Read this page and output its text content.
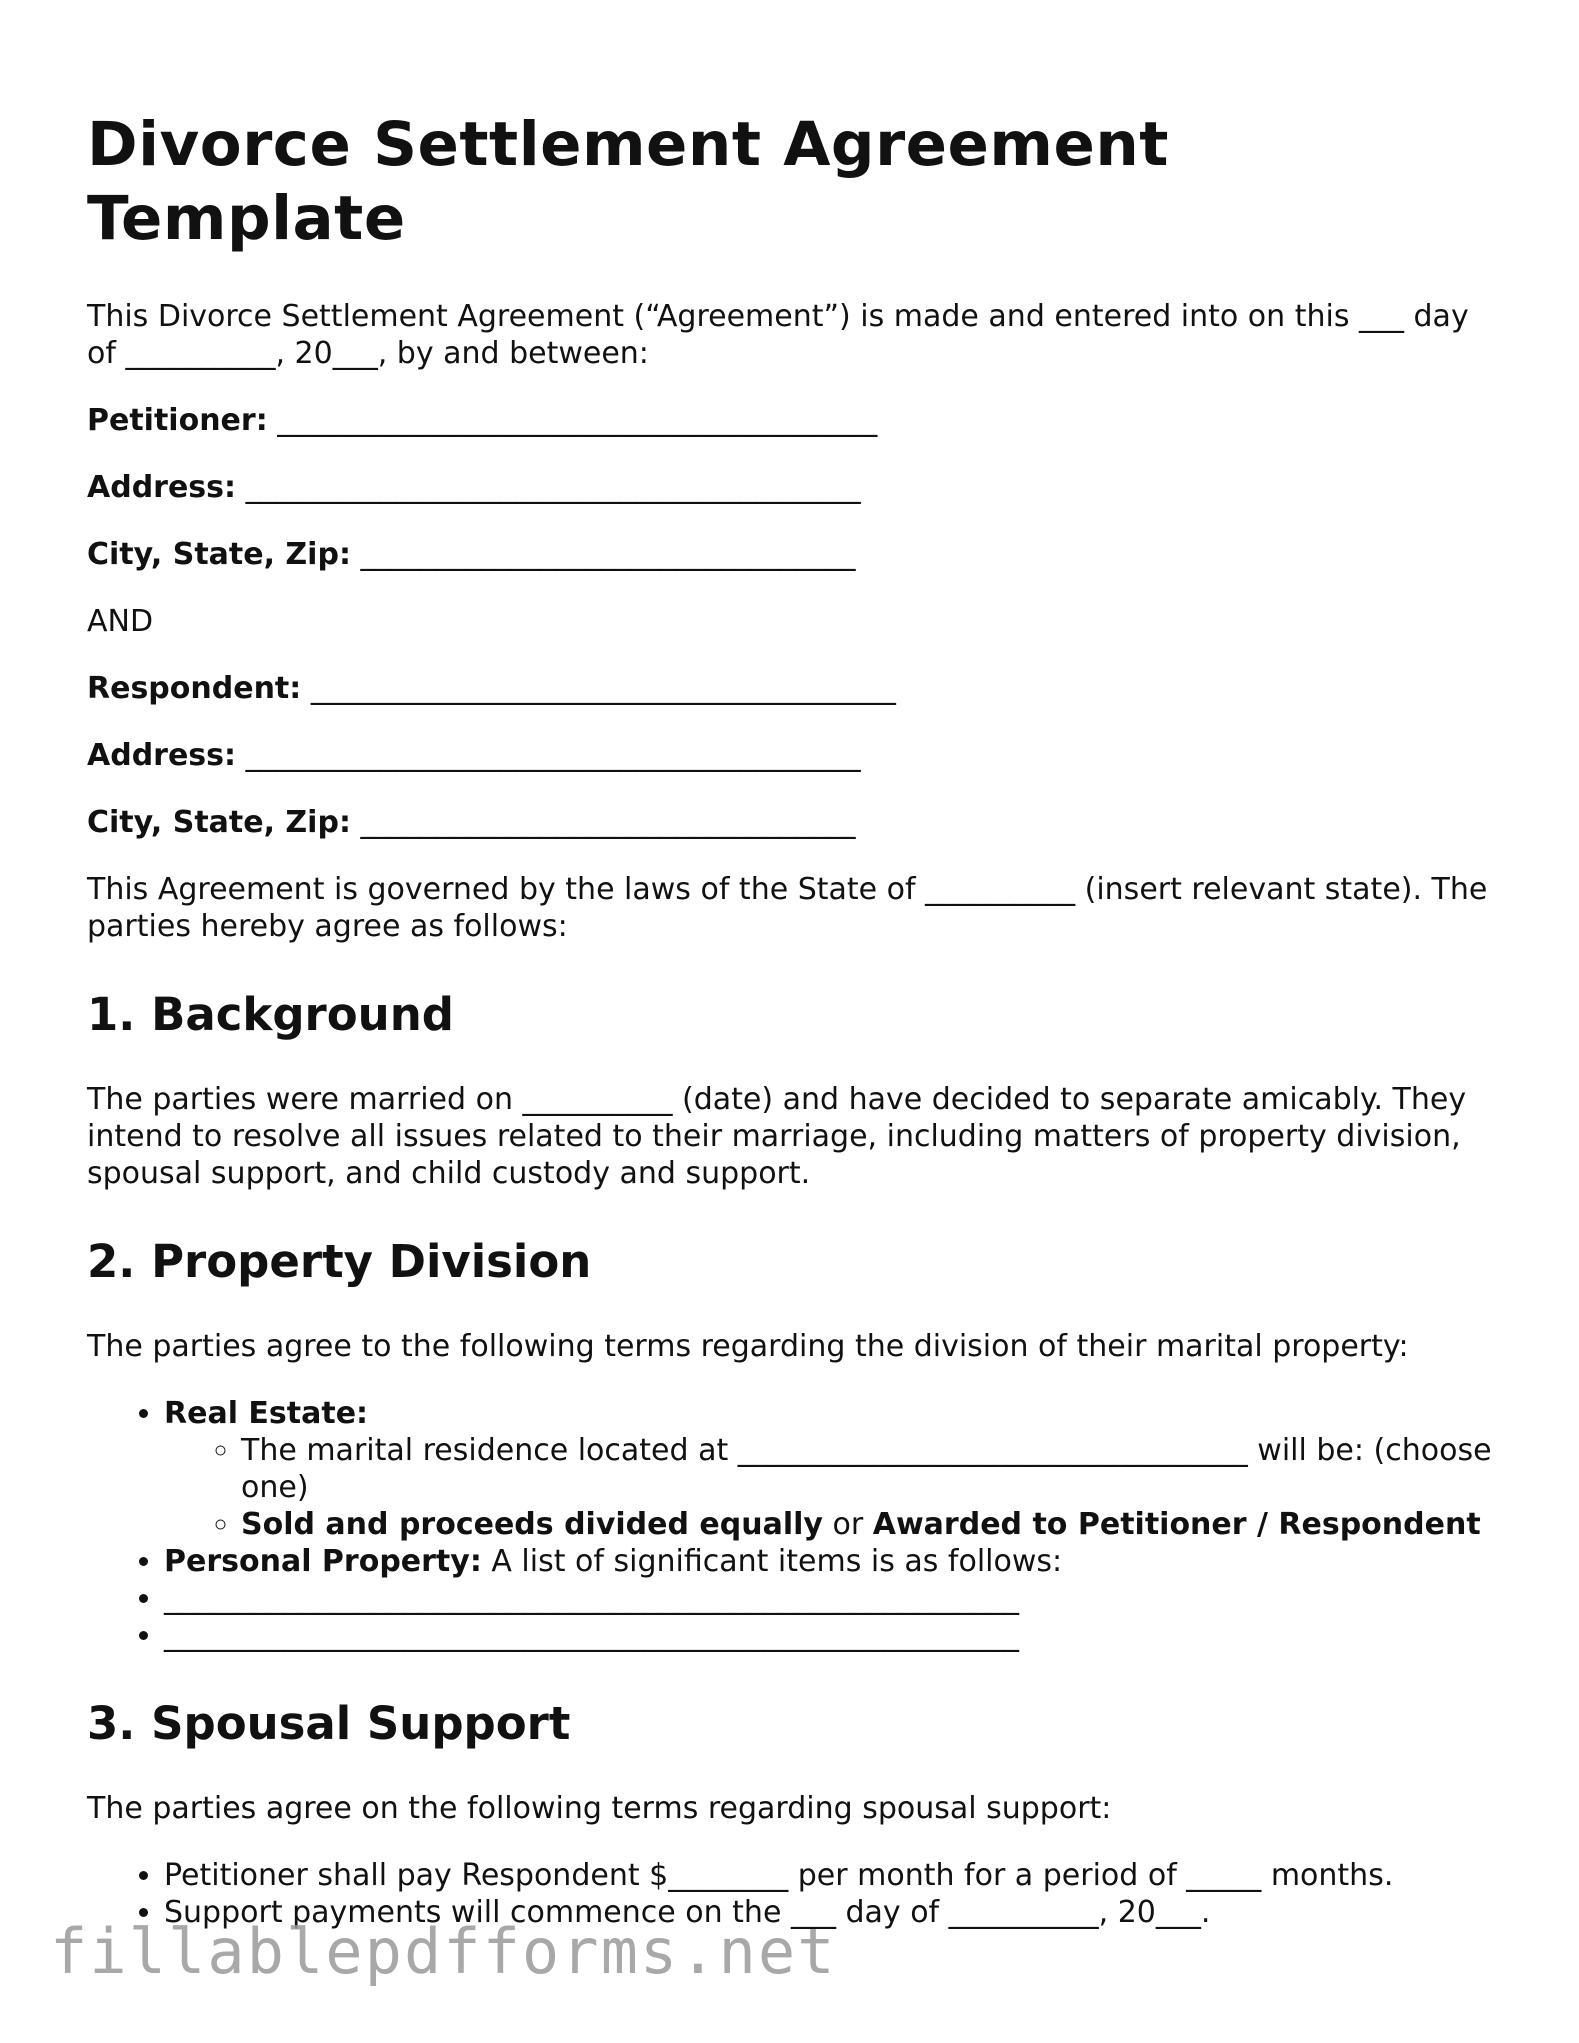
Divorce Settlement Agreement Template

This Divorce Settlement Agreement (“Agreement”) is made and entered into on this ___ day of __________, 20___, by and between:

Petitioner: ________________________________________

Address: _________________________________________

City, State, Zip: _________________________________

AND

Respondent: _______________________________________

Address: _________________________________________

City, State, Zip: _________________________________

This Agreement is governed by the laws of the State of __________ (insert relevant state). The parties hereby agree as follows:

1. Background

The parties were married on __________ (date) and have decided to separate amicably. They intend to resolve all issues related to their marriage, including matters of property division, spousal support, and child custody and support.

2. Property Division

The parties agree to the following terms regarding the division of their marital property:

• Real Estate:
◦ The marital residence located at __________________________________ will be: (choose one)
◦ Sold and proceeds divided equally or Awarded to Petitioner / Respondent
• Personal Property: A list of significant items is as follows:
• _________________________________________________________
• _________________________________________________________
3. Spousal Support

The parties agree on the following terms regarding spousal support:

• Petitioner shall pay Respondent $________ per month for a period of _____ months.
• Support payments will commence on the ___ day of __________, 20___.
fillablepdfforms.net
